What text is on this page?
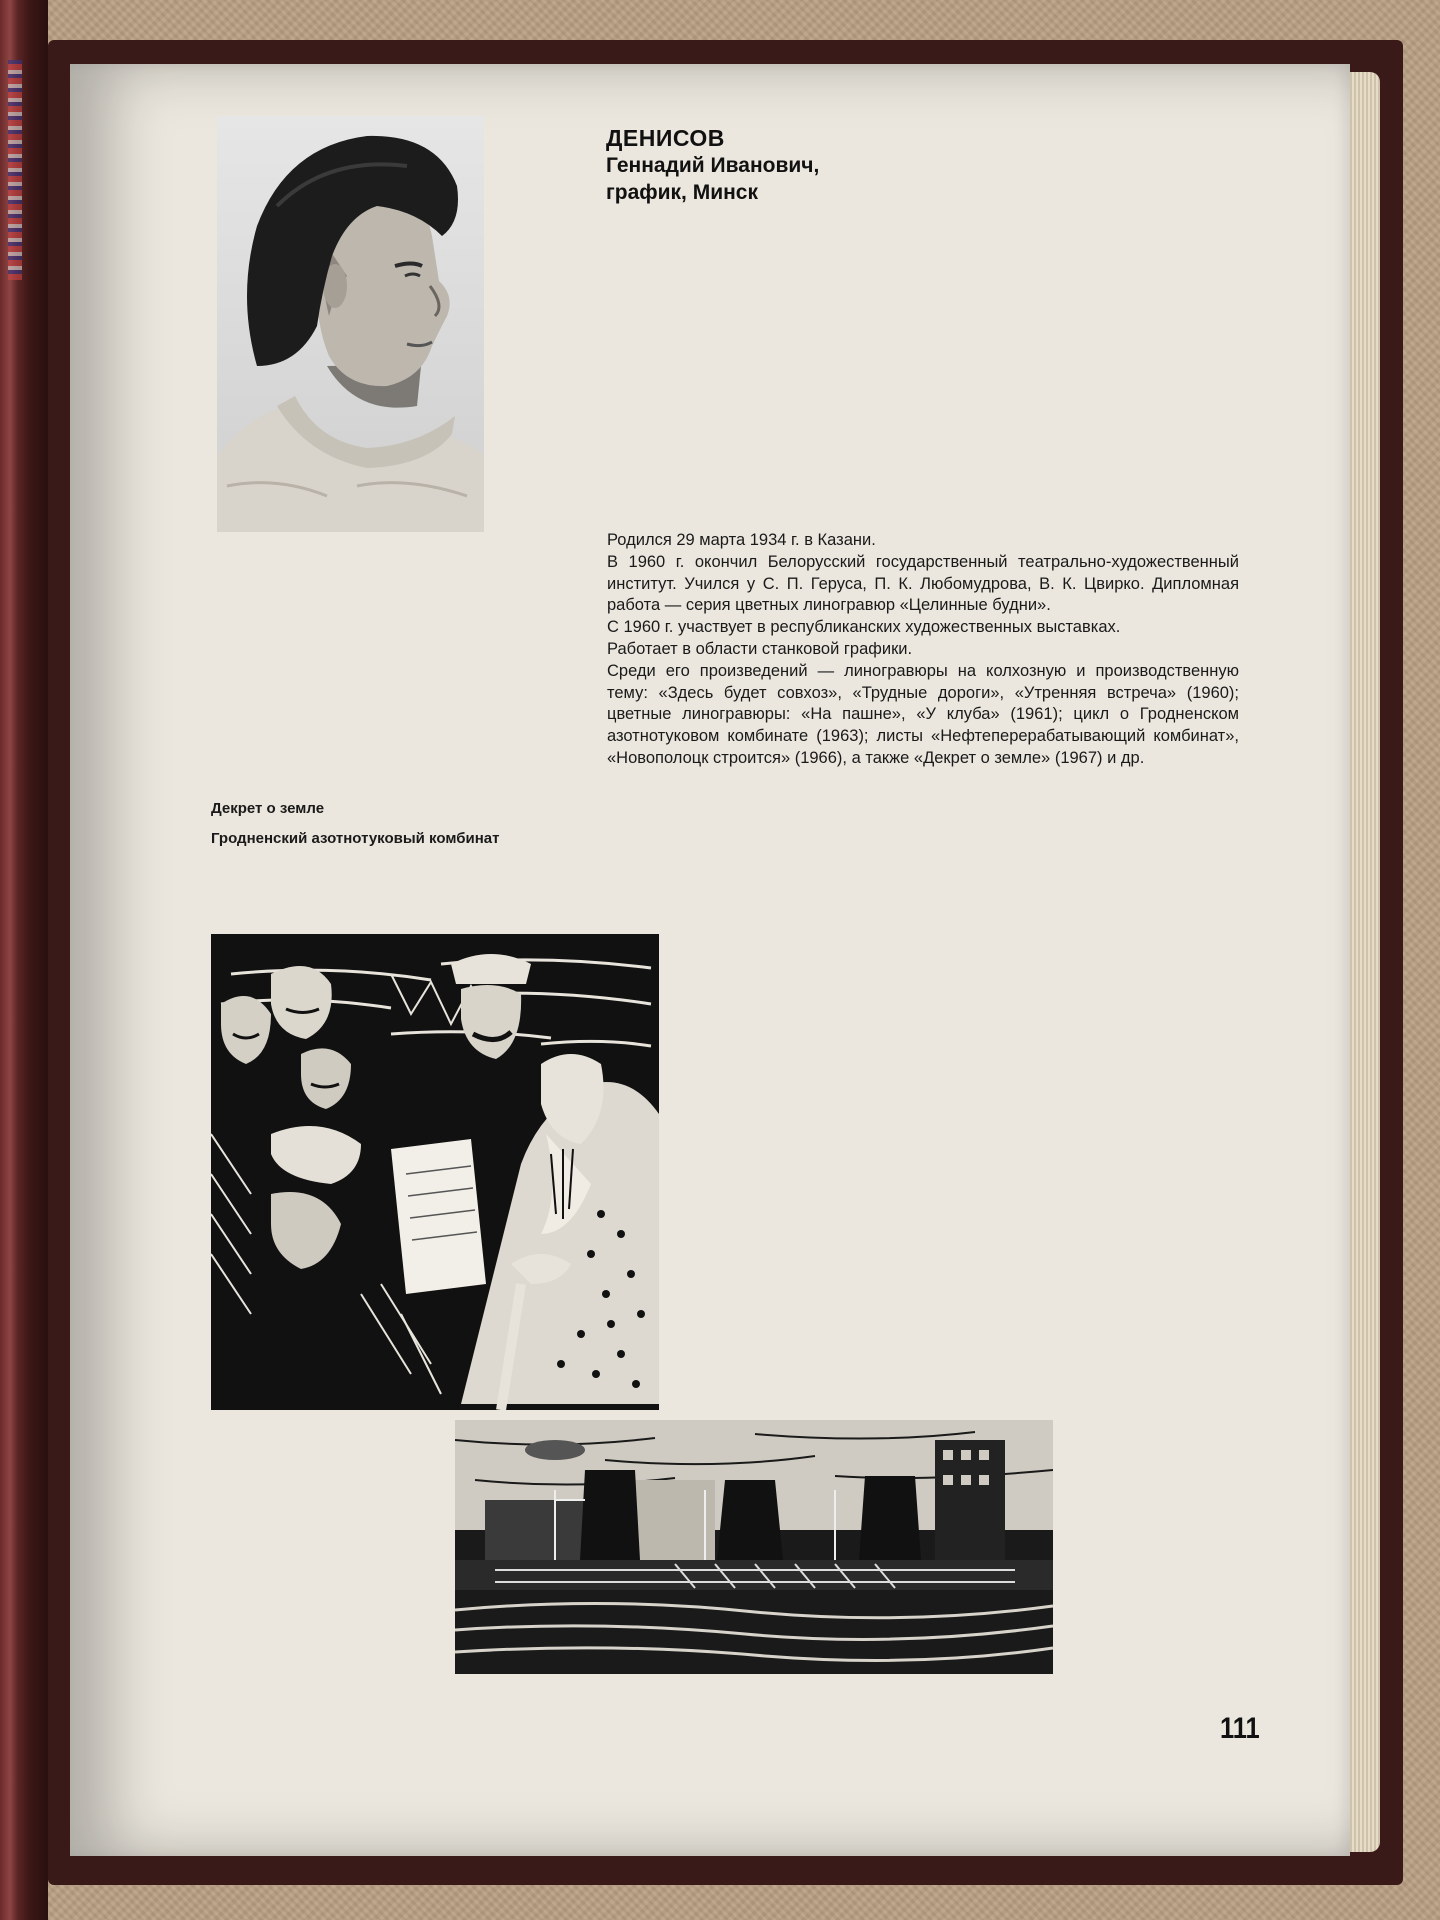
ДЕНИСОВ
Геннадий Иванович,
график, Минск

Родился 29 марта 1934 г. в Казани.

В 1960 г. окончил Белорусский государственный театрально-художественный институт. Учился у С. П. Геруса, П. К. Любомудрова, В. К. Цвирко. Дипломная работа — серия цветных линогравюр «Целинные будни».

С 1960 г. участвует в республиканских художественных выставках.

Работает в области станковой графики.

Среди его произведений — линогравюры на колхозную и производственную тему: «Здесь будет совхоз», «Трудные дороги», «Утренняя встреча» (1960); цветные линогравюры: «На пашне», «У клуба» (1961); цикл о Гродненском азотнотуковом комбинате (1963); листы «Нефтеперерабатывающий комбинат», «Новополоцк строится» (1966), а также «Декрет о земле» (1967) и др.

Декрет о земле
Гродненский азотнотуковый комбинат
111
